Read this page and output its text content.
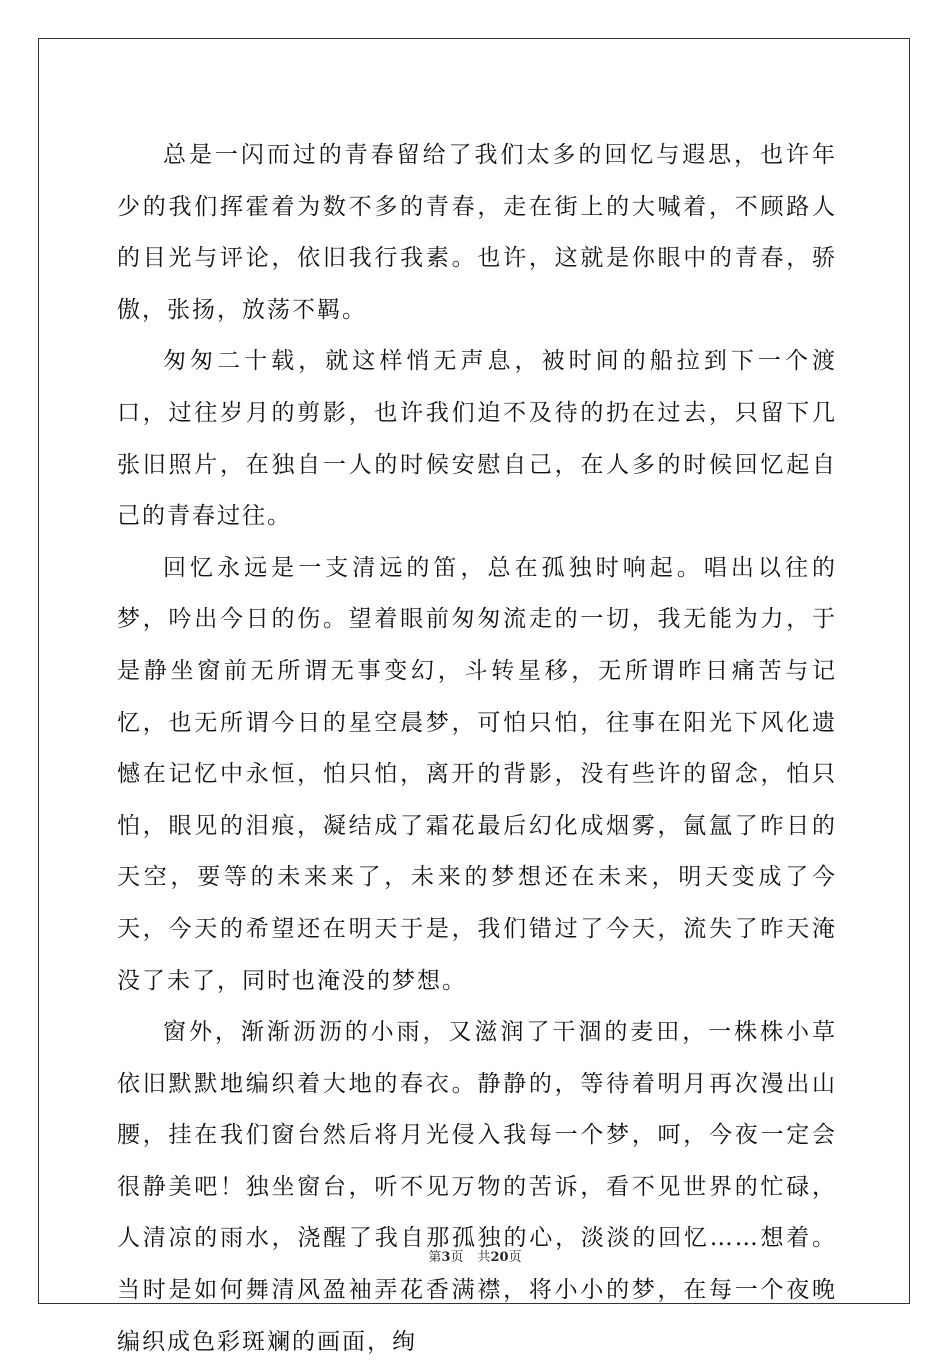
总是一闪而过的青春留给了我们太多的回忆与遐思，也许年少的我们挥霍着为数不多的青春，走在街上的大喊着，不顾路人的目光与评论，依旧我行我素。也许，这就是你眼中的青春，骄傲，张扬，放荡不羁。

匆匆二十载，就这样悄无声息，被时间的船拉到下一个渡口，过往岁月的剪影，也许我们迫不及待的扔在过去，只留下几张旧照片，在独自一人的时候安慰自己，在人多的时候回忆起自己的青春过往。

回忆永远是一支清远的笛，总在孤独时响起。唱出以往的梦，吟出今日的伤。望着眼前匆匆流走的一切，我无能为力，于是静坐窗前无所谓无事变幻，斗转星移，无所谓昨日痛苦与记忆，也无所谓今日的星空晨梦，可怕只怕，往事在阳光下风化遗憾在记忆中永恒，怕只怕，离开的背影，没有些许的留念，怕只怕，眼见的泪痕，凝结成了霜花最后幻化成烟雾，氤氲了昨日的天空，要等的未来来了，未来的梦想还在未来，明天变成了今天，今天的希望还在明天于是，我们错过了今天，流失了昨天淹没了未了，同时也淹没的梦想。

窗外，渐渐沥沥的小雨，又滋润了干涸的麦田，一株株小草依旧默默地编织着大地的春衣。静静的，等待着明月再次漫出山腰，挂在我们窗台然后将月光侵入我每一个梦，呵，今夜一定会很静美吧！独坐窗台，听不见万物的苦诉，看不见世界的忙碌，人清凉的雨水，浇醒了我自那孤独的心，淡淡的回忆……想着。当时是如何舞清风盈袖弄花香满襟，将小小的梦，在每一个夜晚编织成色彩斑斓的画面，绚

第3页 共20页
